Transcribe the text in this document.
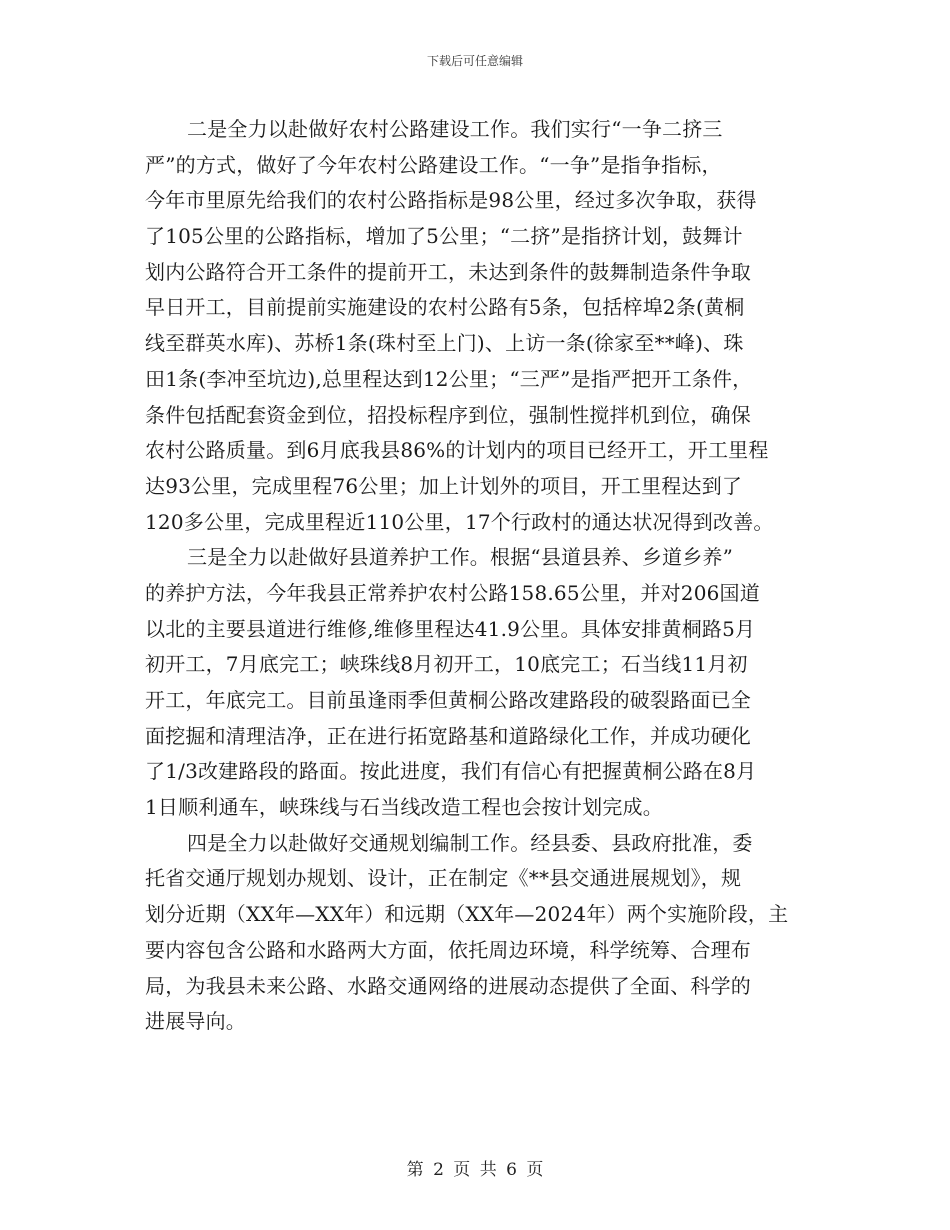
下载后可任意编辑
二是全力以赴做好农村公路建设工作。我们实行“一争二挤三
严”的方式，做好了今年农村公路建设工作。“一争”是指争指标，
今年市里原先给我们的农村公路指标是98公里，经过多次争取，获得
了105公里的公路指标，增加了5公里；“二挤”是指挤计划，鼓舞计
划内公路符合开工条件的提前开工，未达到条件的鼓舞制造条件争取
早日开工，目前提前实施建设的农村公路有5条，包括梓埠2条(黄桐
线至群英水库)、苏桥1条(珠村至上门)、上访一条(徐家至**峰)、珠
田1条(李冲至坑边),总里程达到12公里；“三严”是指严把开工条件，
条件包括配套资金到位，招投标程序到位，强制性搅拌机到位，确保
农村公路质量。到6月底我县86%的计划内的项目已经开工，开工里程
达93公里，完成里程76公里；加上计划外的项目，开工里程达到了
120多公里，完成里程近110公里，17个行政村的通达状况得到改善。
三是全力以赴做好县道养护工作。根据“县道县养、乡道乡养”
的养护方法，今年我县正常养护农村公路158.65公里，并对206国道
以北的主要县道进行维修,维修里程达41.9公里。具体安排黄桐路5月
初开工，7月底完工；峡珠线8月初开工，10底完工；石当线11月初
开工，年底完工。目前虽逢雨季但黄桐公路改建路段的破裂路面已全
面挖掘和清理洁净，正在进行拓宽路基和道路绿化工作，并成功硬化
了1/3改建路段的路面。按此进度，我们有信心有把握黄桐公路在8月
1日顺利通车，峡珠线与石当线改造工程也会按计划完成。
四是全力以赴做好交通规划编制工作。经县委、县政府批准，委
托省交通厅规划办规划、设计，正在制定《**县交通进展规划》，规
划分近期（XX年—XX年）和远期（XX年—2024年）两个实施阶段，主
要内容包含公路和水路两大方面，依托周边环境，科学统筹、合理布
局，为我县未来公路、水路交通网络的进展动态提供了全面、科学的
进展导向。
第 2 页 共 6 页
